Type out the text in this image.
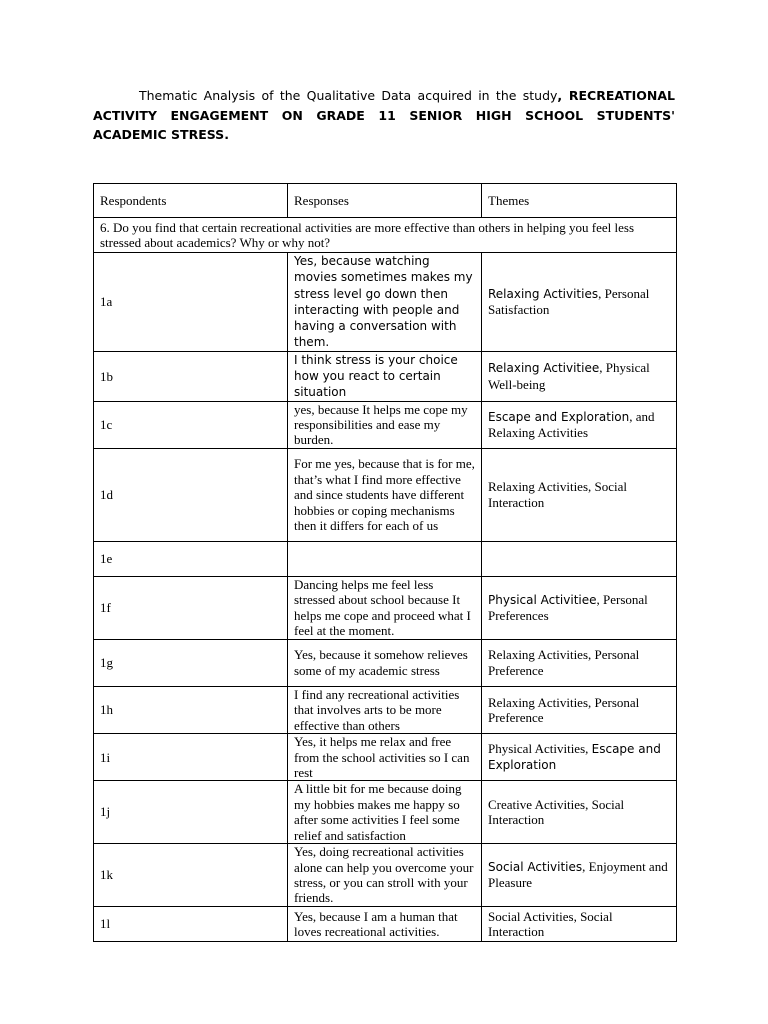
Thematic Analysis of the Qualitative Data acquired in the study, RECREATIONAL ACTIVITY ENGAGEMENT ON GRADE 11 SENIOR HIGH SCHOOL STUDENTS' ACADEMIC STRESS.

Respondents	Responses	Themes
6. Do you find that certain recreational activities are more effective than others in helping you feel less stressed about academics? Why or why not?		
1a	Yes, because watching movies sometimes makes my stress level go down then interacting with people and having a conversation with them.	Relaxing Activities, Personal Satisfaction
1b	I think stress is your choice how you react to certain situation	Relaxing Activitiee, Physical Well-being
1c	yes, because It helps me cope my responsibilities and ease my burden.	Escape and Exploration, and Relaxing Activities
1d	For me yes, because that is for me, that’s what I find more effective and since students have different hobbies or coping mechanisms then it differs for each of us	Relaxing Activities, Social Interaction
1e		
1f	Dancing helps me feel less stressed about school because It helps me cope and proceed what I feel at the moment.	Physical Activitiee, Personal Preferences
1g	Yes, because it somehow relieves some of my academic stress	Relaxing Activities, Personal Preference
1h	I find any recreational activities that involves arts to be more effective than others	Relaxing Activities, Personal Preference
1i	Yes, it helps me relax and free from the school activities so I can rest	Physical Activities, Escape and Exploration
1j	A little bit for me because doing my hobbies makes me happy so after some activities I feel some relief and satisfaction	Creative Activities, Social Interaction
1k	Yes, doing recreational activities alone can help you overcome your stress, or you can stroll with your friends.	Social Activities, Enjoyment and Pleasure
1l	Yes, because I am a human that loves recreational activities.	Social Activities, Social Interaction
